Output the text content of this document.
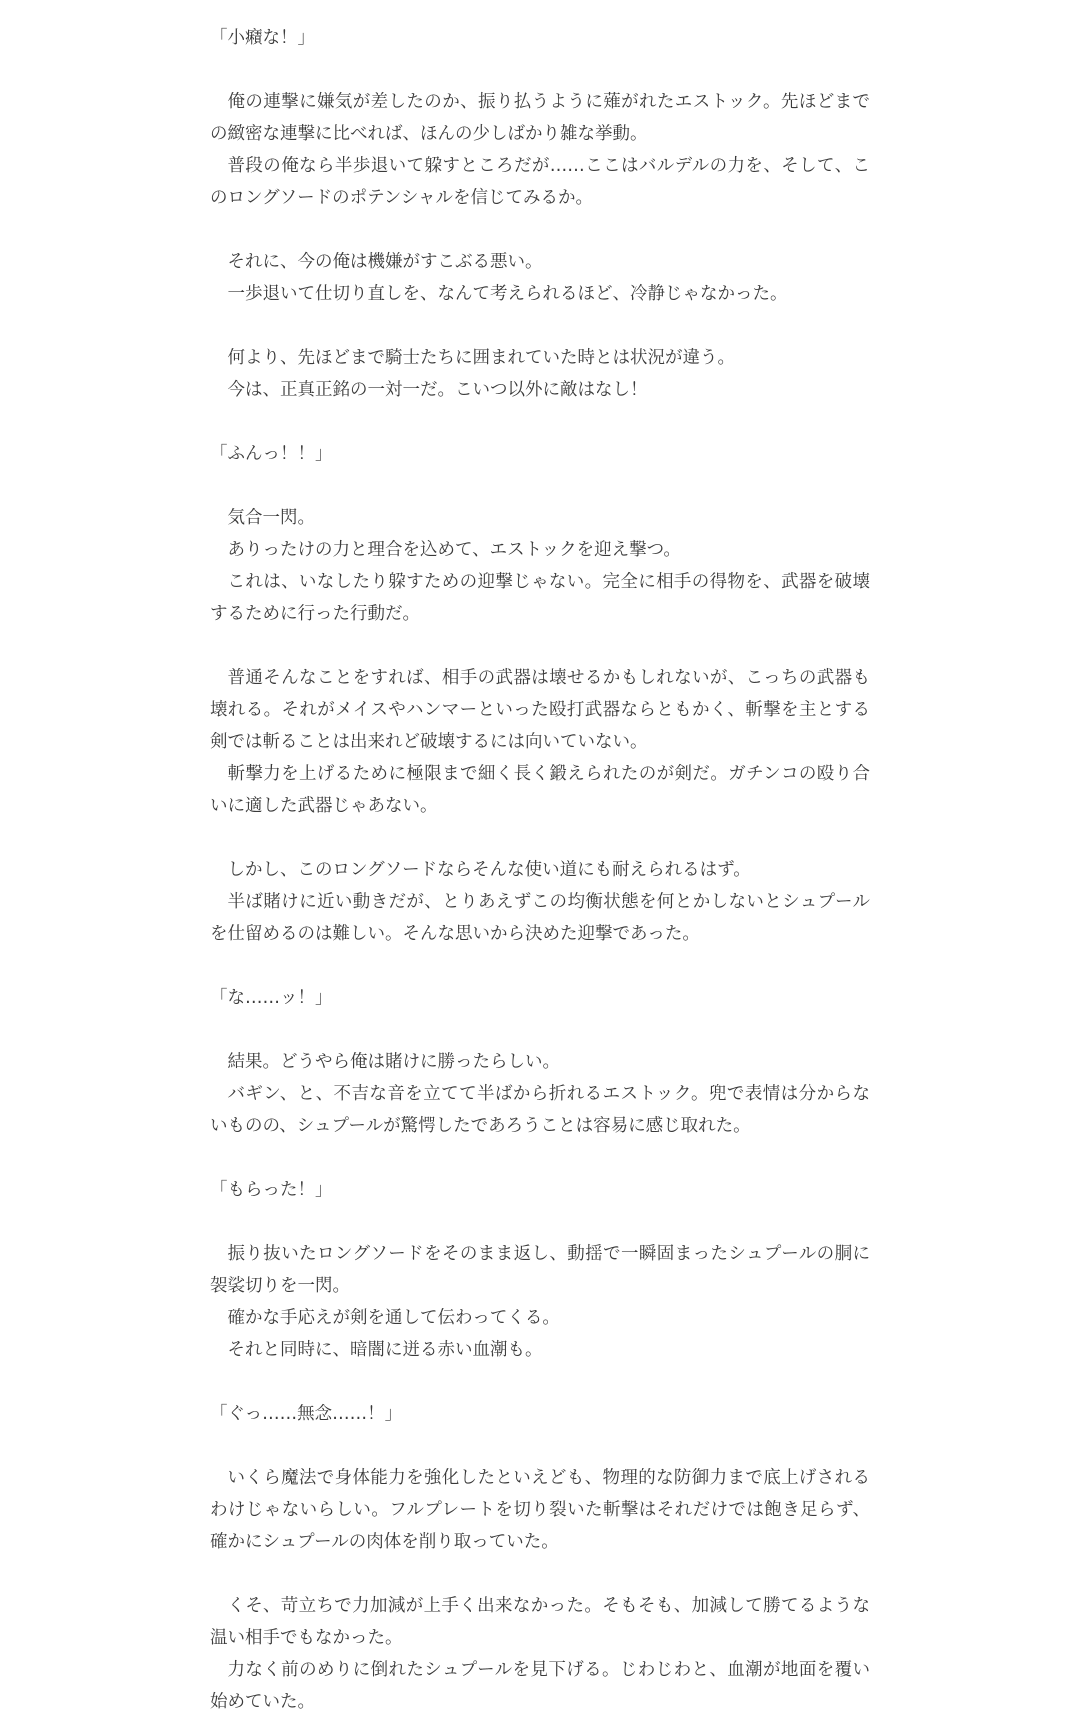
「小癪な！」

俺の連撃に嫌気が差したのか、振り払うように薙がれたエストック。先ほどまでの緻密な連撃に比べれば、ほんの少しばかり雑な挙動。

普段の俺なら半歩退いて躱すところだが……ここはバルデルの力を、そして、このロングソードのポテンシャルを信じてみるか。

それに、今の俺は機嫌がすこぶる悪い。

一歩退いて仕切り直しを、なんて考えられるほど、冷静じゃなかった。

何より、先ほどまで騎士たちに囲まれていた時とは状況が違う。

今は、正真正銘の一対一だ。こいつ以外に敵はなし！

「ふんっ！！」

気合一閃。

ありったけの力と理合を込めて、エストックを迎え撃つ。

これは、いなしたり躱すための迎撃じゃない。完全に相手の得物を、武器を破壊するために行った行動だ。

普通そんなことをすれば、相手の武器は壊せるかもしれないが、こっちの武器も壊れる。それがメイスやハンマーといった殴打武器ならともかく、斬撃を主とする剣では斬ることは出来れど破壊するには向いていない。

斬撃力を上げるために極限まで細く長く鍛えられたのが剣だ。ガチンコの殴り合いに適した武器じゃあない。

しかし、このロングソードならそんな使い道にも耐えられるはず。

半ば賭けに近い動きだが、とりあえずこの均衡状態を何とかしないとシュプールを仕留めるのは難しい。そんな思いから決めた迎撃であった。

「な……ッ！」

結果。どうやら俺は賭けに勝ったらしい。

バギン、と、不吉な音を立てて半ばから折れるエストック。兜で表情は分からないものの、シュプールが驚愕したであろうことは容易に感じ取れた。

「もらった！」

振り抜いたロングソードをそのまま返し、動揺で一瞬固まったシュプールの胴に袈裟切りを一閃。

確かな手応えが剣を通して伝わってくる。

それと同時に、暗闇に迸る赤い血潮も。

「ぐっ……無念……！」

いくら魔法で身体能力を強化したといえども、物理的な防御力まで底上げされるわけじゃないらしい。フルプレートを切り裂いた斬撃はそれだけでは飽き足らず、確かにシュプールの肉体を削り取っていた。

くそ、苛立ちで力加減が上手く出来なかった。そもそも、加減して勝てるような温い相手でもなかった。

力なく前のめりに倒れたシュプールを見下げる。じわじわと、血潮が地面を覆い始めていた。
